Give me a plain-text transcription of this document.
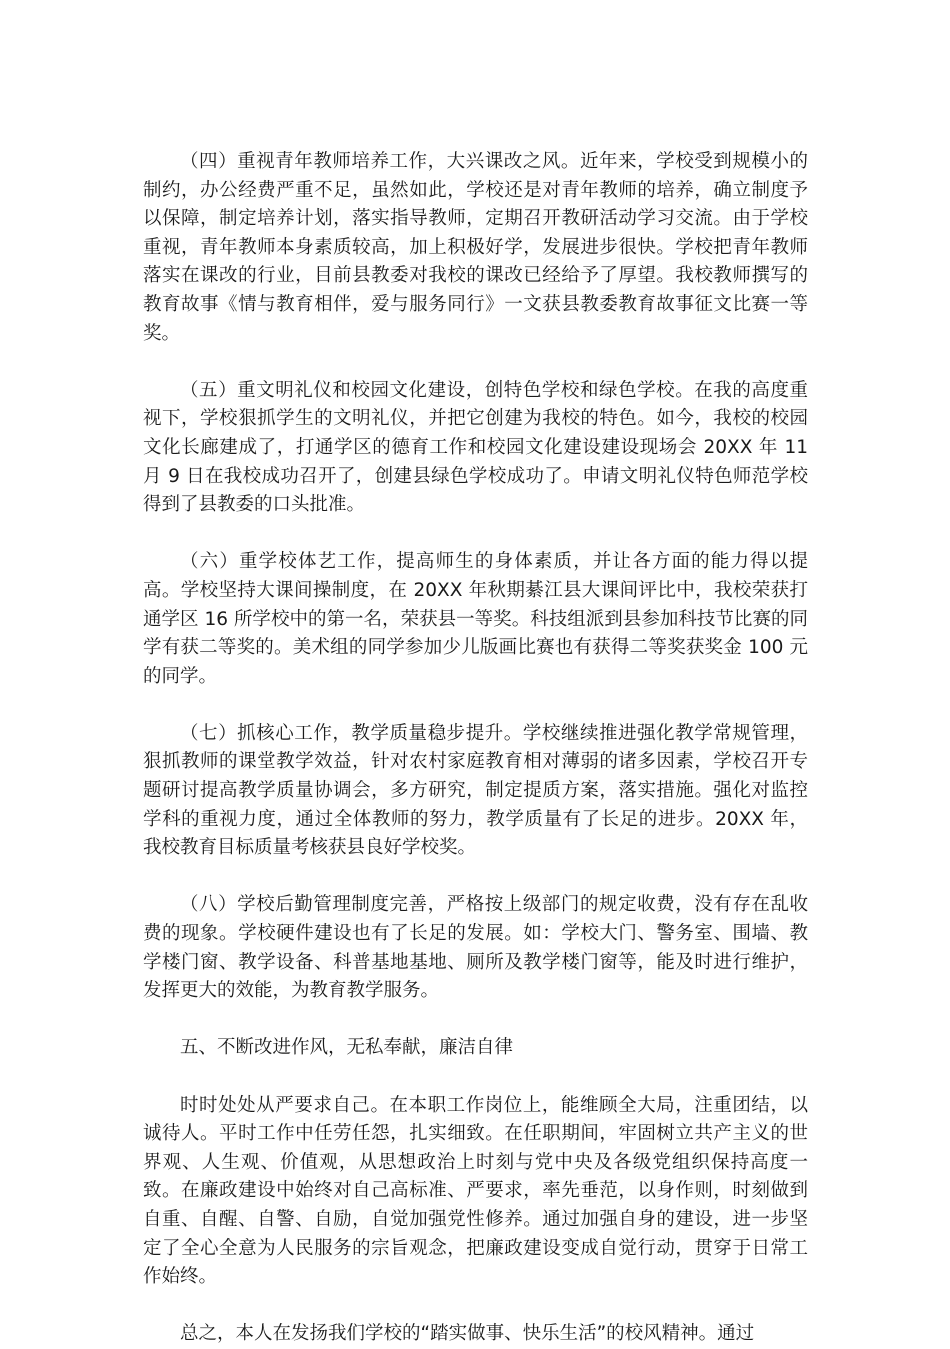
（四）重视青年教师培养工作，大兴课改之风。近年来，学校受到规模小的制约，办公经费严重不足，虽然如此，学校还是对青年教师的培养，确立制度予以保障，制定培养计划，落实指导教师，定期召开教研活动学习交流。由于学校重视，青年教师本身素质较高，加上积极好学，发展进步很快。学校把青年教师落实在课改的行业，目前县教委对我校的课改已经给予了厚望。我校教师撰写的教育故事《情与教育相伴，爱与服务同行》一文获县教委教育故事征文比赛一等奖。

（五）重文明礼仪和校园文化建设，创特色学校和绿色学校。在我的高度重视下，学校狠抓学生的文明礼仪，并把它创建为我校的特色。如今，我校的校园文化长廊建成了，打通学区的德育工作和校园文化建设建设现场会 20XX 年 11 月 9 日在我校成功召开了，创建县绿色学校成功了。申请文明礼仪特色师范学校得到了县教委的口头批准。

（六）重学校体艺工作，提高师生的身体素质，并让各方面的能力得以提高。学校坚持大课间操制度，在 20XX 年秋期綦江县大课间评比中，我校荣获打通学区 16 所学校中的第一名，荣获县一等奖。科技组派到县参加科技节比赛的同学有获二等奖的。美术组的同学参加少儿版画比赛也有获得二等奖获奖金 100 元的同学。

（七）抓核心工作，教学质量稳步提升。学校继续推进强化教学常规管理，狠抓教师的课堂教学效益，针对农村家庭教育相对薄弱的诸多因素，学校召开专题研讨提高教学质量协调会，多方研究，制定提质方案，落实措施。强化对监控学科的重视力度，通过全体教师的努力，教学质量有了长足的进步。20XX 年，我校教育目标质量考核获县良好学校奖。

（八）学校后勤管理制度完善，严格按上级部门的规定收费，没有存在乱收费的现象。学校硬件建设也有了长足的发展。如：学校大门、警务室、围墙、教学楼门窗、教学设备、科普基地基地、厕所及教学楼门窗等，能及时进行维护，发挥更大的效能，为教育教学服务。

五、不断改进作风，无私奉献，廉洁自律

时时处处从严要求自己。在本职工作岗位上，能维顾全大局，注重团结，以诚待人。平时工作中任劳任怨，扎实细致。在任职期间，牢固树立共产主义的世界观、人生观、价值观，从思想政治上时刻与党中央及各级党组织保持高度一致。在廉政建设中始终对自己高标准、严要求，率先垂范，以身作则，时刻做到自重、自醒、自警、自励，自觉加强党性修养。通过加强自身的建设，进一步坚定了全心全意为人民服务的宗旨观念，把廉政建设变成自觉行动，贯穿于日常工作始终。

总之，本人在发扬我们学校的“踏实做事、快乐生活”的校风精神。通过
